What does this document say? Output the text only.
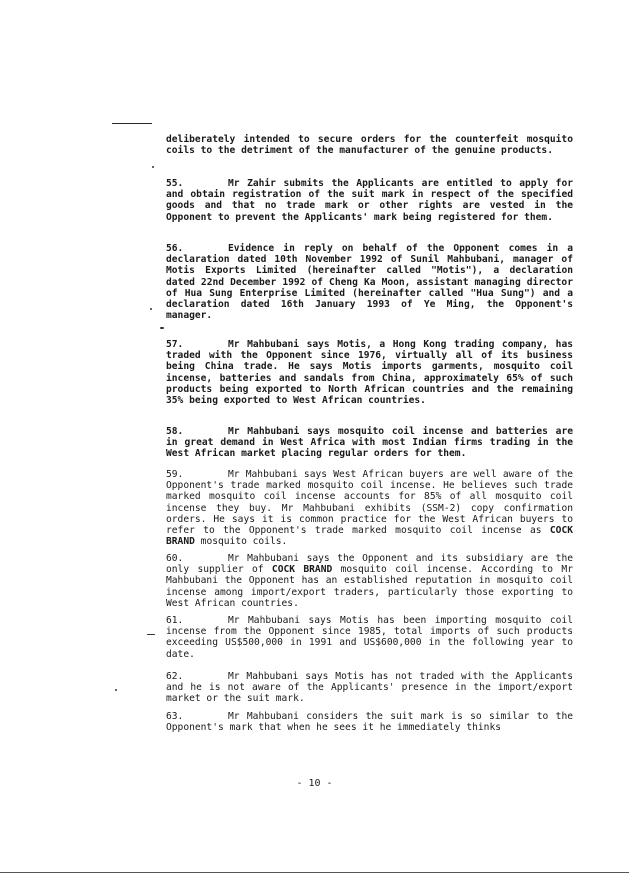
deliberately intended to secure orders for the counterfeit mosquito coils to the detriment of the manufacturer of the genuine products.
55.	Mr Zahir submits the Applicants are entitled to apply for and obtain registration of the suit mark in respect of the specified goods and that no trade mark or other rights are vested in the Opponent to prevent the Applicants' mark being registered for them.
56.	Evidence in reply on behalf of the Opponent comes in a declaration dated 10th November 1992 of Sunil Mahbubani, manager of Motis Exports Limited (hereinafter called "Motis"), a declaration dated 22nd December 1992 of Cheng Ka Moon, assistant managing director of Hua Sung Enterprise Limited (hereinafter called "Hua Sung") and a declaration dated 16th January 1993 of Ye Ming, the Opponent's manager.
57.	Mr Mahbubani says Motis, a Hong Kong trading company, has traded with the Opponent since 1976, virtually all of its business being China trade. He says Motis imports garments, mosquito coil incense, batteries and sandals from China, approximately 65% of such products being exported to North African countries and the remaining 35% being exported to West African countries.
58.	Mr Mahbubani says mosquito coil incense and batteries are in great demand in West Africa with most Indian firms trading in the West African market placing regular orders for them.
59.	Mr Mahbubani says West African buyers are well aware of the Opponent's trade marked mosquito coil incense. He believes such trade marked mosquito coil incense accounts for 85% of all mosquito coil incense they buy. Mr Mahbubani exhibits (SSM-2) copy confirmation orders. He says it is common practice for the West African buyers to refer to the Opponent's trade marked mosquito coil incense as COCK BRAND mosquito coils.
60.	Mr Mahbubani says the Opponent and its subsidiary are the only supplier of COCK BRAND mosquito coil incense. According to Mr Mahbubani the Opponent has an established reputation in mosquito coil incense among import/export traders, particularly those exporting to West African countries.
61.	Mr Mahbubani says Motis has been importing mosquito coil incense from the Opponent since 1985, total imports of such products exceeding US$500,000 in 1991 and US$600,000 in the following year to date.
62.	Mr Mahbubani says Motis has not traded with the Applicants and he is not aware of the Applicants' presence in the import/export market or the suit mark.
63.	Mr Mahbubani considers the suit mark is so similar to the Opponent's mark that when he sees it he immediately thinks
- 10 -
